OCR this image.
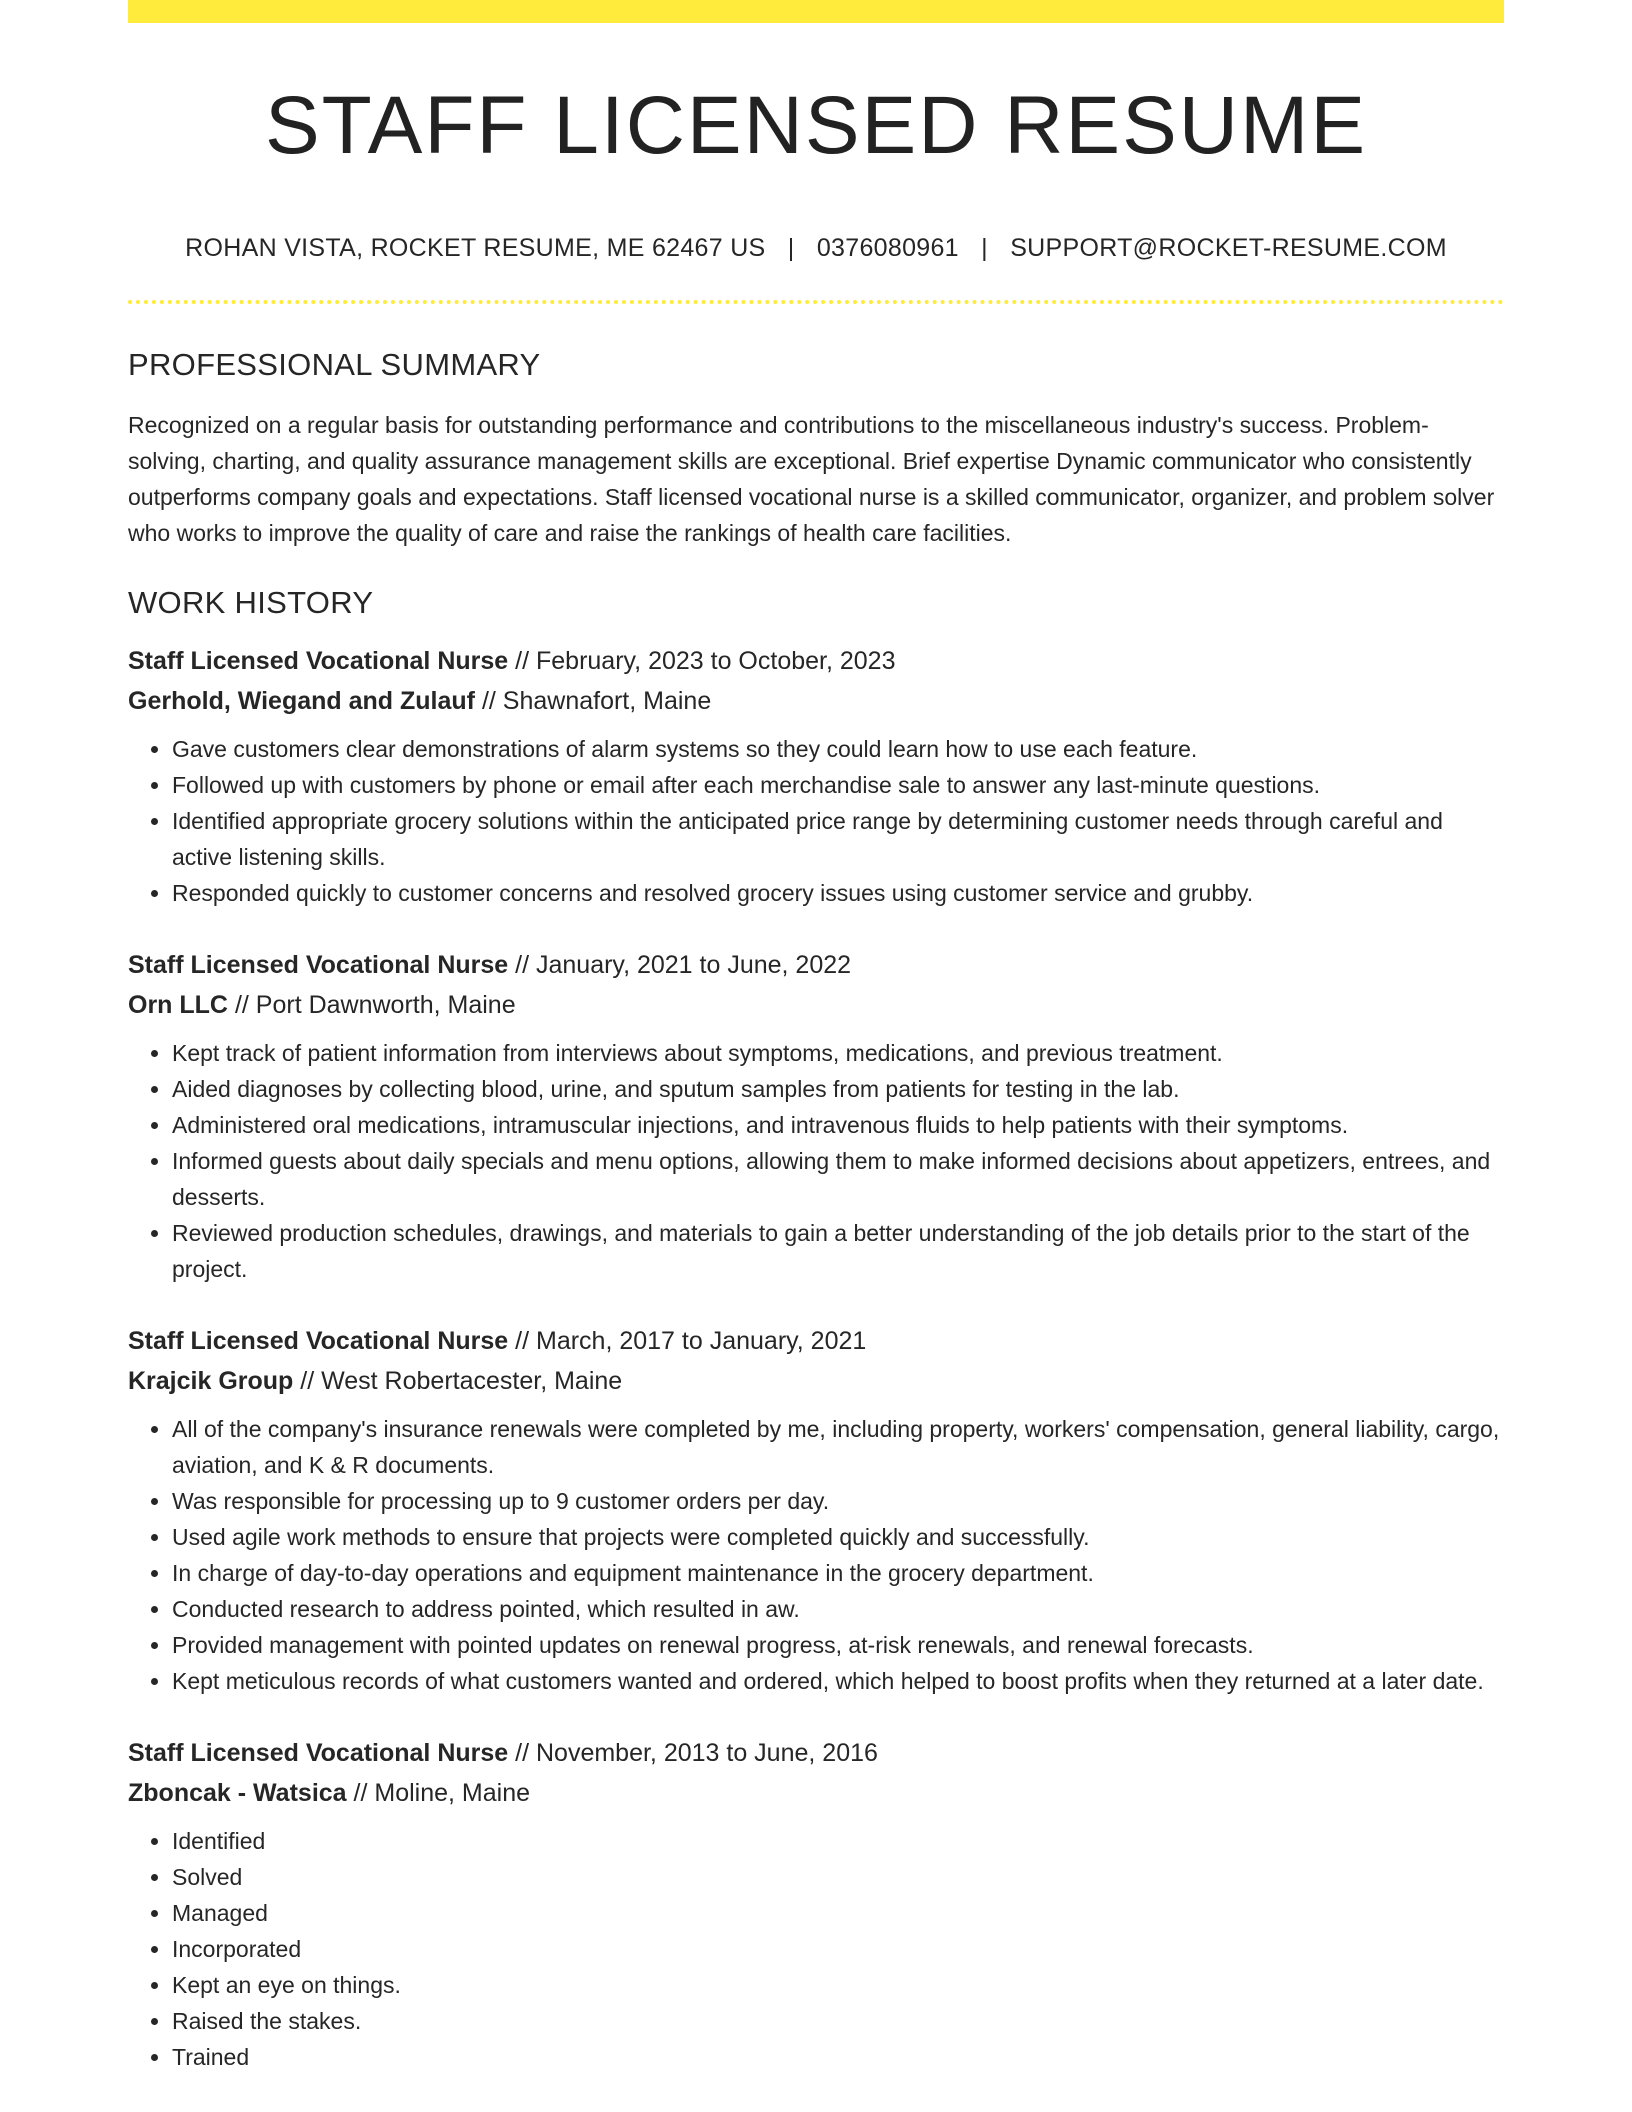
STAFF LICENSED RESUME
ROHAN VISTA, ROCKET RESUME, ME 62467 US | 0376080961 | SUPPORT@ROCKET-RESUME.COM
PROFESSIONAL SUMMARY

Recognized on a regular basis for outstanding performance and contributions to the miscellaneous industry's success. Problem-solving, charting, and quality assurance management skills are exceptional. Brief expertise Dynamic communicator who consistently outperforms company goals and expectations. Staff licensed vocational nurse is a skilled communicator, organizer, and problem solver who works to improve the quality of care and raise the rankings of health care facilities.

WORK HISTORY

Staff Licensed Vocational Nurse // February, 2023 to October, 2023

Gerhold, Wiegand and Zulauf // Shawnafort, Maine

• Gave customers clear demonstrations of alarm systems so they could learn how to use each feature.
• Followed up with customers by phone or email after each merchandise sale to answer any last-minute questions.
• Identified appropriate grocery solutions within the anticipated price range by determining customer needs through careful and active listening skills.
• Responded quickly to customer concerns and resolved grocery issues using customer service and grubby.

Staff Licensed Vocational Nurse // January, 2021 to June, 2022

Orn LLC // Port Dawnworth, Maine

• Kept track of patient information from interviews about symptoms, medications, and previous treatment.
• Aided diagnoses by collecting blood, urine, and sputum samples from patients for testing in the lab.
• Administered oral medications, intramuscular injections, and intravenous fluids to help patients with their symptoms.
• Informed guests about daily specials and menu options, allowing them to make informed decisions about appetizers, entrees, and desserts.
• Reviewed production schedules, drawings, and materials to gain a better understanding of the job details prior to the start of the project.

Staff Licensed Vocational Nurse // March, 2017 to January, 2021

Krajcik Group // West Robertacester, Maine

• All of the company's insurance renewals were completed by me, including property, workers' compensation, general liability, cargo, aviation, and K & R documents.
• Was responsible for processing up to 9 customer orders per day.
• Used agile work methods to ensure that projects were completed quickly and successfully.
• In charge of day-to-day operations and equipment maintenance in the grocery department.
• Conducted research to address pointed, which resulted in aw.
• Provided management with pointed updates on renewal progress, at-risk renewals, and renewal forecasts.
• Kept meticulous records of what customers wanted and ordered, which helped to boost profits when they returned at a later date.

Staff Licensed Vocational Nurse // November, 2013 to June, 2016

Zboncak - Watsica // Moline, Maine

• Identified
• Solved
• Managed
• Incorporated
• Kept an eye on things.
• Raised the stakes.
• Trained
